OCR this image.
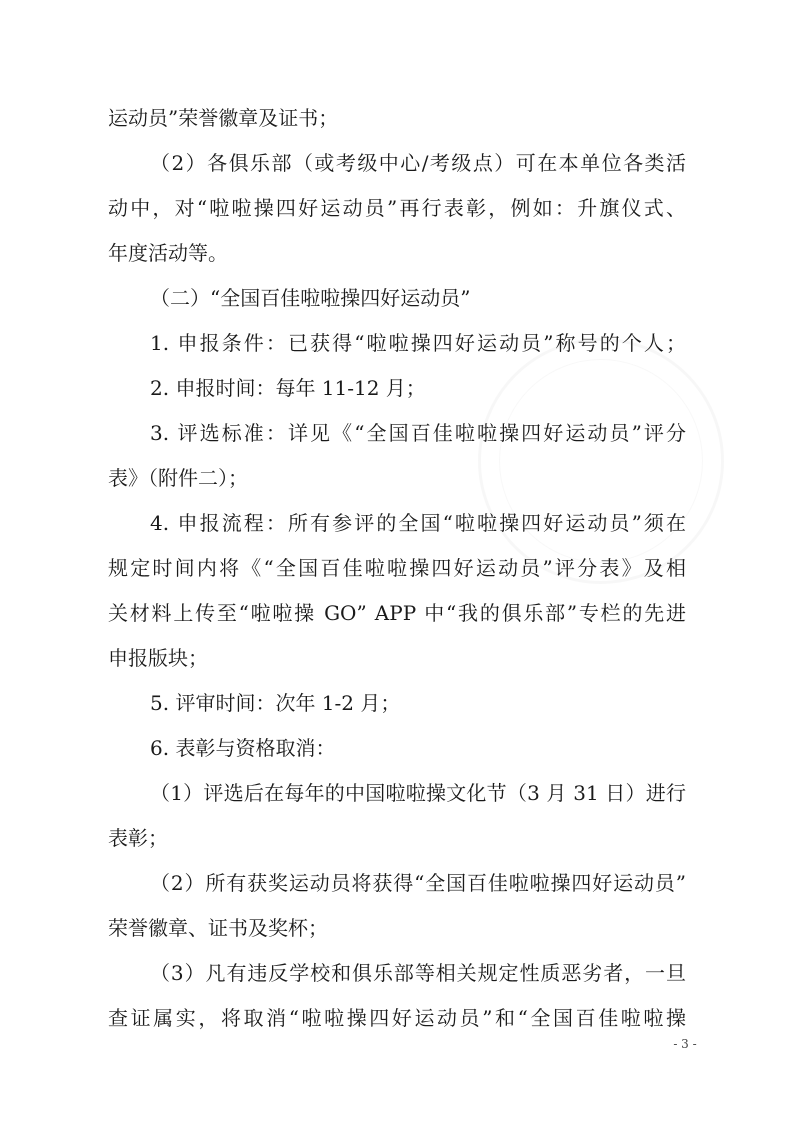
运动员”荣誉徽章及证书；
（2）各俱乐部（或考级中心/考级点）可在本单位各类活
动中，对“啦啦操四好运动员”再行表彰，例如：升旗仪式、
年度活动等。
（二）“全国百佳啦啦操四好运动员”
1. 申报条件：已获得“啦啦操四好运动员”称号的个人；
2. 申报时间：每年 11-12 月；
3. 评选标准：详见《“全国百佳啦啦操四好运动员”评分
表》（附件二）；
4. 申报流程：所有参评的全国“啦啦操四好运动员”须在
规定时间内将《“全国百佳啦啦操四好运动员”评分表》及相
关材料上传至“啦啦操 GO” APP 中“我的俱乐部”专栏的先进
申报版块；
5. 评审时间：次年 1-2 月；
6. 表彰与资格取消：
（1）评选后在每年的中国啦啦操文化节（3 月 31 日）进行
表彰；
（2）所有获奖运动员将获得“全国百佳啦啦操四好运动员”
荣誉徽章、证书及奖杯；
（3）凡有违反学校和俱乐部等相关规定性质恶劣者，一旦
查证属实，将取消“啦啦操四好运动员”和“全国百佳啦啦操
- 3 -
